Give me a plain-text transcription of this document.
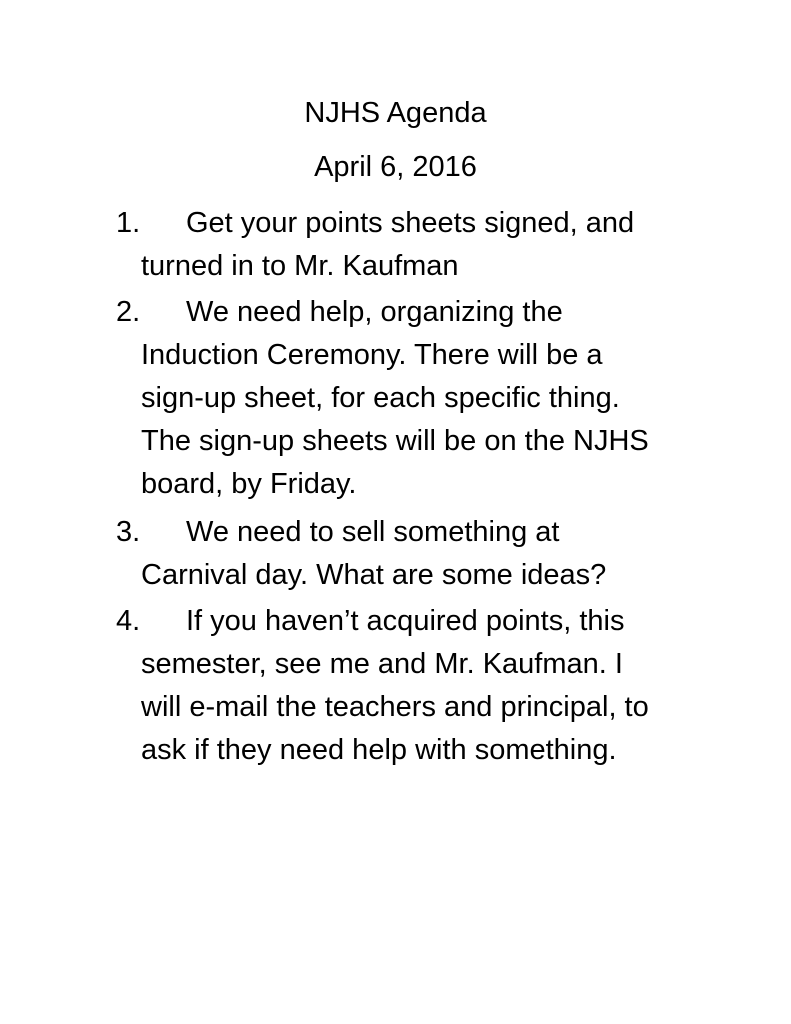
NJHS Agenda
April 6, 2016
1.	Get your points sheets signed, and
turned in to Mr. Kaufman
2.	We need help, organizing the
Induction Ceremony. There will be a
sign-up sheet, for each specific thing.
The sign-up sheets will be on the NJHS
board, by Friday.
3.	We need to sell something at
Carnival day. What are some ideas?
4.	If you haven’t acquired points, this
semester, see me and Mr. Kaufman. I
will e-mail the teachers and principal, to
ask if they need help with something.
